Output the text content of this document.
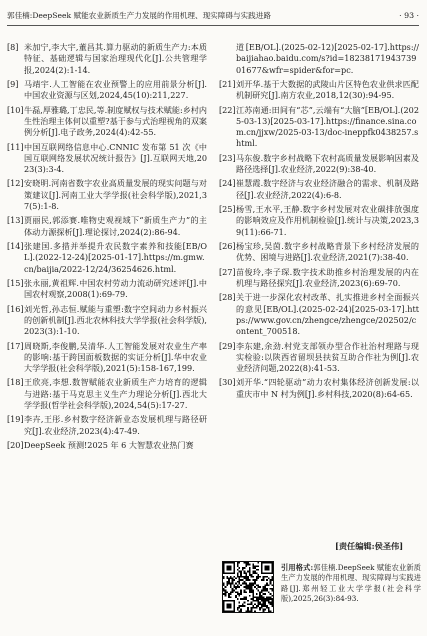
郭佳楠:DeepSeek 赋能农业新质生产力发展的作用机理、现实障碍与实践进路	· 93 ·
[8] 米加宁,李大宇,董昌其.算力驱动的新质生产力:本质特征、基础逻辑与国家治理现代化[J].公共管理学报,2024(2):1-14.
[9] 马靖宇.人工智能在农业预警上的应用前景分析[J].中国农业资源与区划,2024,45(10):211,227.
[10] 牛磊,厚雅璐,丁忠民,等.制度赋权与技术赋能:乡村内生性治理主体何以重塑?基于参与式治理视角的双案例分析[J].电子政务,2024(4):42-55.
[11] 中国互联网络信息中心.CNNIC 发布第 51 次《中国互联网络发展状况统计报告》[J].互联网天地,2023(3):3-4.
[12] 安晓明.河南省数字农业高质量发展的现实问题与对策建议[J].河南工业大学学报(社会科学版),2021,37(5):1-8.
[13] 贾丽民,郭添赛.唯物史观视域下“新质生产力”的主体动力源探析[J].理论探讨,2024(2):86-94.
[14] 张建国.多措并举提升农民数字素养和技能[EB/OL].(2022-12-24)[2025-01-17].https://m.gmw.cn/baijia/2022-12/24/36254626.html.
[15] 张永丽,黄祖辉.中国农村劳动力流动研究述评[J].中国农村观察,2008(1):69-79.
[16] 刘光哲,孙志恒.赋能与重塑:数字空间动力乡村振兴的创新机制[J].西北农林科技大学学报(社会科学版),2023(3):1-10.
[17] 周晓斯,李俊鹏,吴清华.人工智能发展对农业生产率的影响:基于跨国面板数据的实证分析[J].华中农业大学学报(社会科学版),2021(5):158-167,199.
[18] 王欣亮,李想.数智赋能农业新质生产力培育的逻辑与进路:基于马克思主义生产力理论分析[J].西北大学学报(哲学社会科学版),2024,54(5):17-27.
[19] 李卉,王彤.乡村数字经济新业态发展机理与路径研究[J].农业经济,2023(4):47-49.
[20] DeepSeek 预测!2025 年 6 大智慧农业热门赛
道[EB/OL].(2025-02-12)[2025-02-17].https://baijiahao.baidu.com/s?id=1823817194373901677&wfr=spider&for=pc.
[21] 刘开华.基于大数据的武陵山片区特色农业供求匹配机制研究[J].南方农业,2018,12(30):94-95.
[22] 江苏南通:田间有“芯”,云端有“大脑”[EB/OL].(2025-03-13)[2025-03-17].https://finance.sina.com.cn/jjxw/2025-03-13/doc-ineppfk0438257.shtml.
[23] 马东俊.数字乡村战略下农村高质量发展影响因素及路径选择[J].农业经济,2022(9):38-40.
[24] 崔慧霞.数字经济与农业经济融合的需求、机制及路径[J].农业经济,2022(4):6-8.
[25] 杨雪,王水平,王静.数字乡村发展对农业碳排放强度的影响效应及作用机制检验[J].统计与决策,2023,39(11):66-71.
[26] 杨宝珍,吴茵.数字乡村战略背景下乡村经济发展的优势、困境与进路[J].农业经济,2021(7):38-40.
[27] 苗俊玲,李子琛.数字技术助推乡村治理发展的内在机理与路径探究[J].农业经济,2023(6):69-70.
[28] 关于进一步深化农村改革、扎实推进乡村全面振兴的意见[EB/OL].(2025-02-24)[2025-03-17].https://www.gov.cn/zhengce/zhengce/202502/content_700518.
[29] 李东建,余劲.村党支部领办型合作社治村理路与现实检验:以陕西省留坝县扶贫互助合作社为例[J].农业经济问题,2022(8):41-53.
[30] 刘开华.“四轮驱动”动力农村集体经济创新发展:以重庆市中 N 村为例[J].乡村科技,2020(8):64-65.
[责任编辑:侯圣伟]
引用格式:郭佳楠.DeepSeek 赋能农业新质生产力发展的作用机理、现实障碍与实践进路[J].郑州轻工业大学学报(社会科学版),2025,26(3):84-93.
